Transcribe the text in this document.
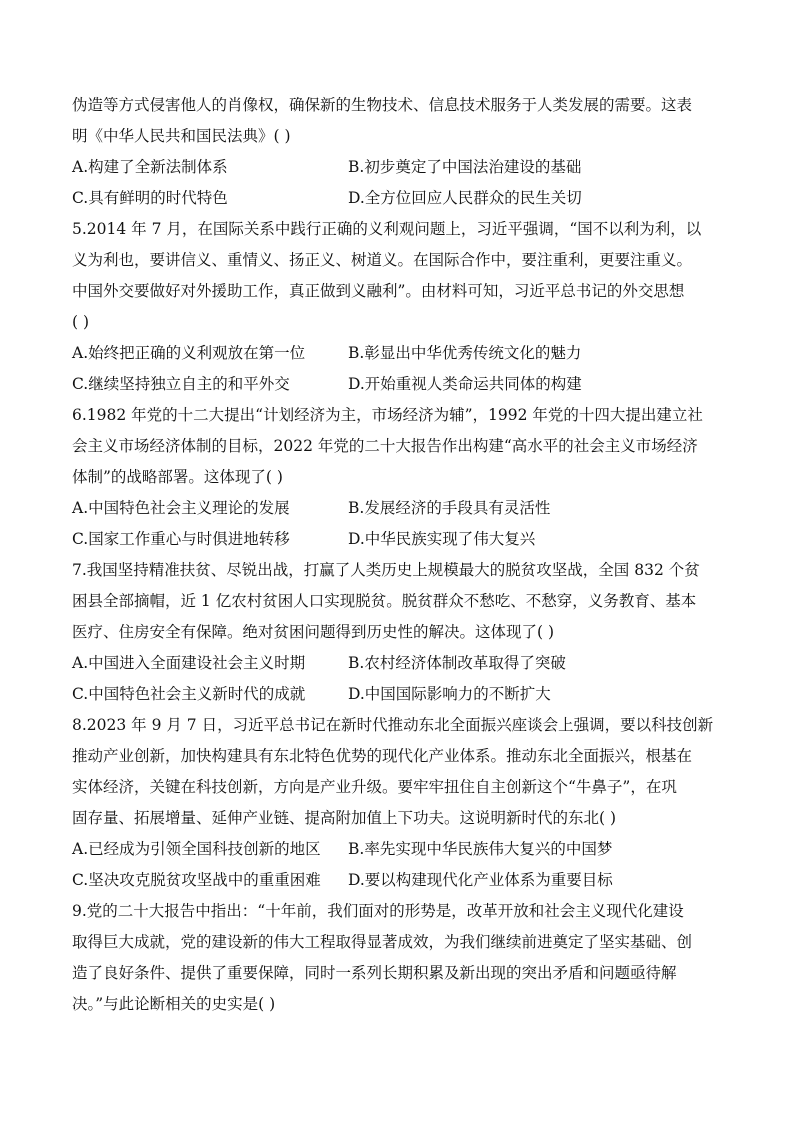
伪造等方式侵害他人的肖像权，确保新的生物技术、信息技术服务于人类发展的需要。这表
明《中华人民共和国民法典》( )
A.构建了全新法制体系	B.初步奠定了中国法治建设的基础
C.具有鲜明的时代特色	D.全方位回应人民群众的民生关切
5.2014 年 7 月，在国际关系中践行正确的义利观问题上，习近平强调，“国不以利为利，以
义为利也，要讲信义、重情义、扬正义、树道义。在国际合作中，要注重利，更要注重义。
中国外交要做好对外援助工作，真正做到义融利”。由材料可知，习近平总书记的外交思想
( )
A.始终把正确的义利观放在第一位	B.彰显出中华优秀传统文化的魅力
C.继续坚持独立自主的和平外交	D.开始重视人类命运共同体的构建
6.1982 年党的十二大提出“计划经济为主，市场经济为辅”，1992 年党的十四大提出建立社
会主义市场经济体制的目标，2022 年党的二十大报告作出构建“高水平的社会主义市场经济
体制”的战略部署。这体现了( )
A.中国特色社会主义理论的发展	B.发展经济的手段具有灵活性
C.国家工作重心与时俱进地转移	D.中华民族实现了伟大复兴
7.我国坚持精准扶贫、尽锐出战，打赢了人类历史上规模最大的脱贫攻坚战，全国 832 个贫
困县全部摘帽，近 1 亿农村贫困人口实现脱贫。脱贫群众不愁吃、不愁穿，义务教育、基本
医疗、住房安全有保障。绝对贫困问题得到历史性的解决。这体现了( )
A.中国进入全面建设社会主义时期	B.农村经济体制改革取得了突破
C.中国特色社会主义新时代的成就	D.中国国际影响力的不断扩大
8.2023 年 9 月 7 日，习近平总书记在新时代推动东北全面振兴座谈会上强调，要以科技创新
推动产业创新，加快构建具有东北特色优势的现代化产业体系。推动东北全面振兴，根基在
实体经济，关键在科技创新，方向是产业升级。要牢牢扭住自主创新这个“牛鼻子”，在巩
固存量、拓展增量、延伸产业链、提高附加值上下功夫。这说明新时代的东北( )
A.已经成为引领全国科技创新的地区	B.率先实现中华民族伟大复兴的中国梦
C.坚决攻克脱贫攻坚战中的重重困难	D.要以构建现代化产业体系为重要目标
9.党的二十大报告中指出：“十年前，我们面对的形势是，改革开放和社会主义现代化建设
取得巨大成就，党的建设新的伟大工程取得显著成效，为我们继续前进奠定了坚实基础、创
造了良好条件、提供了重要保障，同时一系列长期积累及新出现的突出矛盾和问题亟待解
决。”与此论断相关的史实是( )
